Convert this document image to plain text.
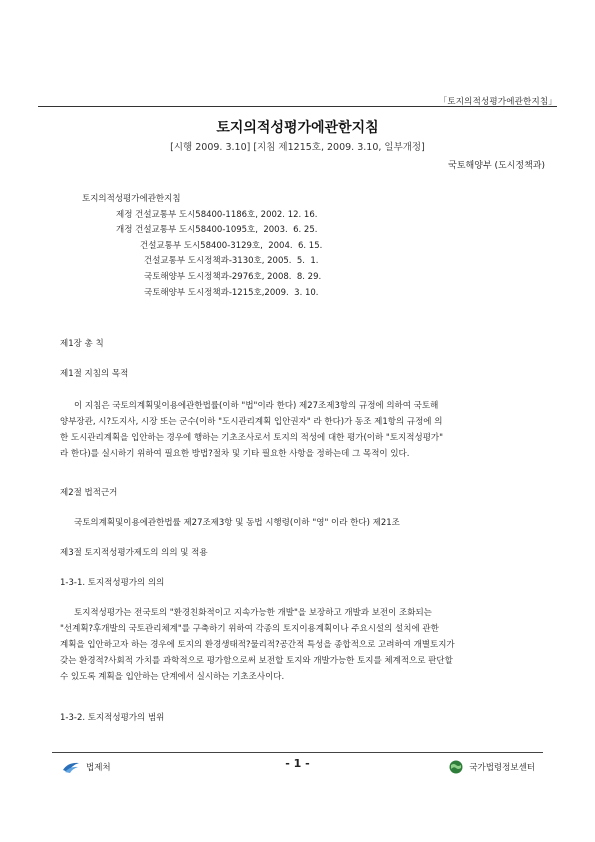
「토지의적성평가에관한지침」
토지의적성평가에관한지침
[시행 2009. 3.10] [지침 제1215호, 2009. 3.10, 일부개정]
국토해양부 (도시정책과)
토지의적성평가에관한지침
제정 건설교통부 도시58400-1186호, 2002. 12. 16.
개정 건설교통부 도시58400-1095호,  2003.  6. 25.
건설교통부 도시58400-3129호,  2004.  6. 15.
건설교통부 도시정책과-3130호, 2005.  5.  1.
국토해양부 도시정책과-2976호, 2008.  8. 29.
국토해양부 도시정책과-1215호,2009.  3. 10.
제1장 총 칙
제1절 지침의 목적
이 지침은 국토의계획및이용에관한법률(이하 "법"이라 한다) 제27조제3항의 규정에 의하여 국토해
양부장관, 시?도지사, 시장 또는 군수(이하 "도시관리계획 입안권자" 라 한다)가 동조 제1항의 규정에 의
한 도시관리계획을 입안하는 경우에 행하는 기초조사로서 토지의 적성에 대한 평가(이하 "토지적성평가"
라 한다)를 실시하기 위하여 필요한 방법?절차 및 기타 필요한 사항을 정하는데 그 목적이 있다.
제2절 법적근거
국토의계획및이용에관한법률 제27조제3항 및 동법 시행령(이하 "영" 이라 한다) 제21조
제3절 토지적성평가제도의 의의 및 적용
1-3-1. 토지적성평가의 의의
토지적성평가는 전국토의 "환경친화적이고 지속가능한 개발"을 보장하고 개발과 보전이 조화되는
"선계획?후개발의 국토관리체계"를 구축하기 위하여 각종의 토지이용계획이나 주요시설의 설치에 관한
계획을 입안하고자 하는 경우에 토지의 환경생태적?물리적?공간적 특성을 종합적으로 고려하여 개별토지가
갖는 환경적?사회적 가치를 과학적으로 평가함으로써 보전할 토지와 개발가능한 토지를 체계적으로 판단할
수 있도록 계획을 입안하는 단계에서 실시하는 기초조사이다.
1-3-2. 토지적성평가의 범위
법제처	- 1 -	국가법령정보센터
